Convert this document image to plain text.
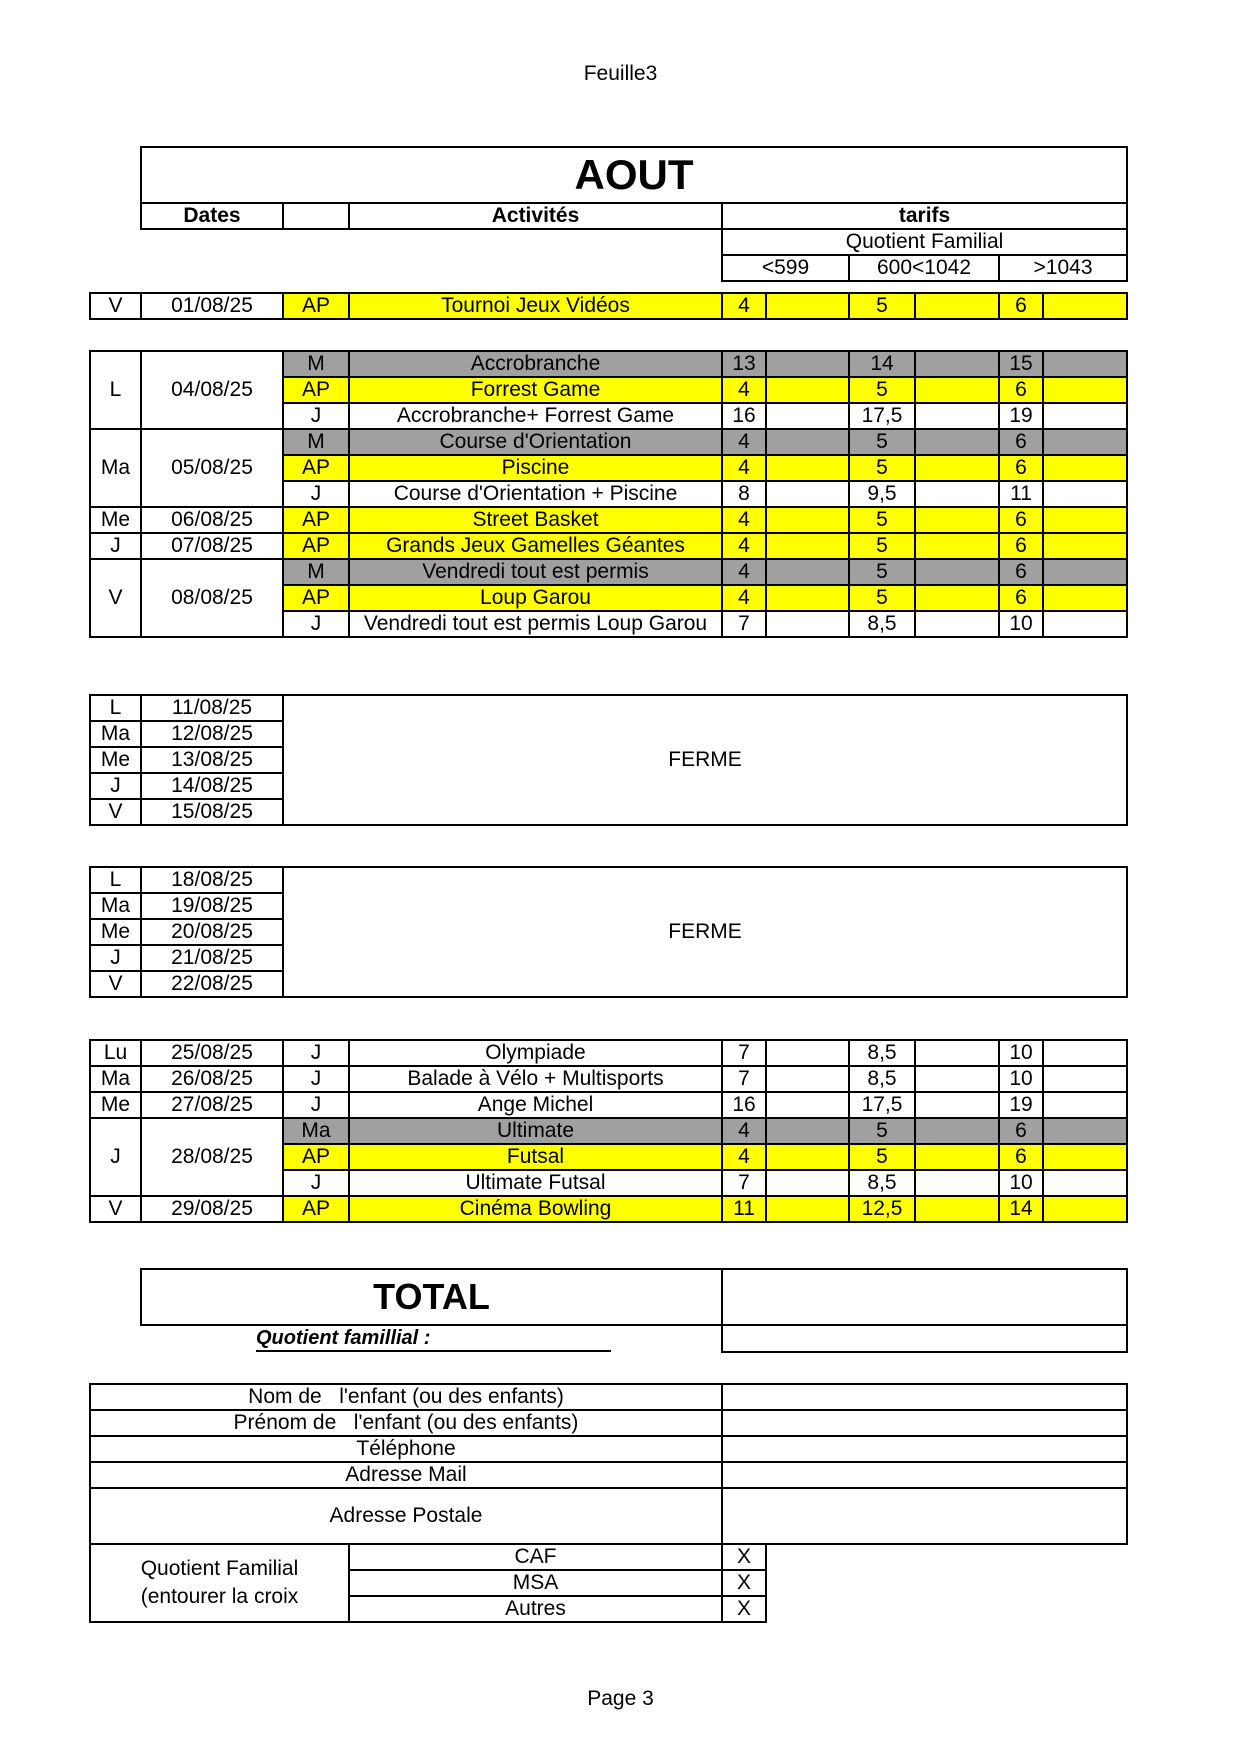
Feuille3
AOUT					
Dates		Activités	tarifs		
			Quotient Familial		
			<599	600<1042	>1043
V	01/08/25	AP	Tournoi Jeux Vidéos	4		5		6	
L	04/08/25	M	Accrobranche	13		14		15	
		AP	Forrest Game	4		5		6	
		J	Accrobranche+ Forrest Game	16		17,5		19	
Ma	05/08/25	M	Course d'Orientation	4		5		6	
		AP	Piscine	4		5		6	
		J	Course d'Orientation + Piscine	8		9,5		11	
Me	06/08/25	AP	Street Basket	4		5		6	
J	07/08/25	AP	Grands Jeux Gamelles Géantes	4		5		6	
V	08/08/25	M	Vendredi tout est permis	4		5		6	
		AP	Loup Garou	4		5		6	
		J	Vendredi tout est permis Loup Garou	7		8,5		10	
L	11/08/25	FERME
Ma	12/08/25	
Me	13/08/25	
J	14/08/25	
V	15/08/25	
L	18/08/25	FERME
Ma	19/08/25	
Me	20/08/25	
J	21/08/25	
V	22/08/25	
Lu	25/08/25	J	Olympiade	7		8,5		10	
Ma	26/08/25	J	Balade à Vélo + Multisports	7		8,5		10	
Me	27/08/25	J	Ange Michel	16		17,5		19	
J	28/08/25	Ma	Ultimate	4		5		6	
		AP	Futsal	4		5		6	
		J	Ultimate Futsal	7		8,5		10	
V	29/08/25	AP	Cinéma Bowling	11		12,5		14	
TOTAL	
Quotient famillial :	
Nom de   l'enfant (ou des enfants)			
Prénom de   l'enfant (ou des enfants)			
Téléphone			
Adresse Mail			
Adresse Postale			

Quotient Familial
(entourer la croix	CAF	X	
	MSA	X	
	Autres	X	
Page 3
